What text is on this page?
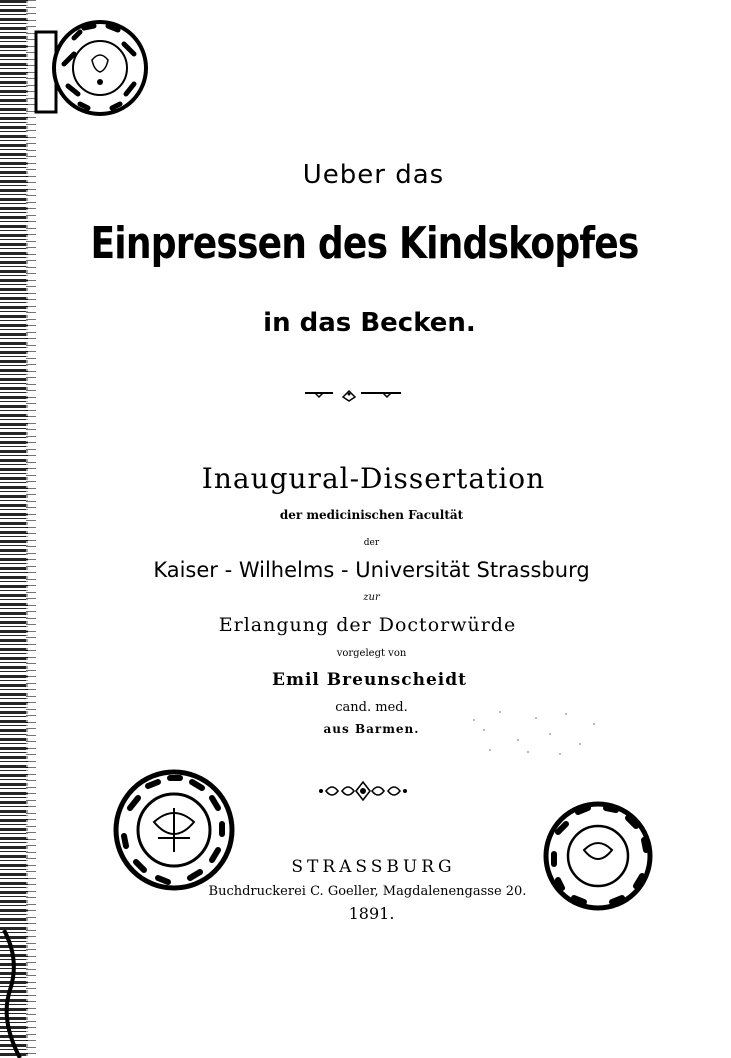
Ueber das
Einpressen des Kindskopfes
in das Becken.
Inaugural-Dissertation
der medicinischen Facultät
der
Kaiser - Wilhelms - Universität Strassburg
zur
Erlangung der Doctorwürde
vorgelegt von
Emil Breunscheidt
cand. med.
aus Barmen.
STRASSBURG
Buchdruckerei C. Goeller, Magdalenengasse 20.
1891.
